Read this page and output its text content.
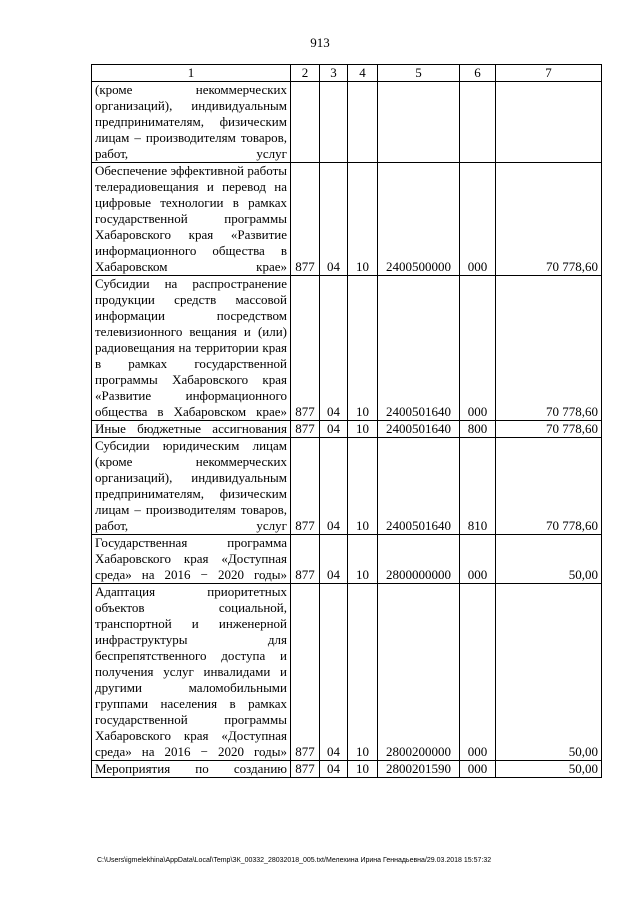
913
1	2	3	4	5	6	7
(кроме некоммерческих организаций), индивидуальным предпринимателям, физическим лицам – производителям товаров, работ, услуг						
Обеспечение эффективной работы телерадиовещания и перевод на цифровые технологии в рамках государственной программы Хабаровского края «Развитие информационного общества в Хабаровском крае»	877	04	10	2400500000	000	70 778,60
Субсидии на распространение продукции средств массовой информации посредством телевизионного вещания и (или) радиовещания на территории края в рамках государственной программы Хабаровского края «Развитие информационного общества в Хабаровском крае»	877	04	10	2400501640	000	70 778,60
Иные бюджетные ассигнования	877	04	10	2400501640	800	70 778,60
Субсидии юридическим лицам (кроме некоммерческих организаций), индивидуальным предпринимателям, физическим лицам – производителям товаров, работ, услуг	877	04	10	2400501640	810	70 778,60
Государственная программа Хабаровского края «Доступная среда» на 2016 − 2020 годы»	877	04	10	2800000000	000	50,00
Адаптация приоритетных объектов социальной, транспортной и инженерной инфраструктуры для беспрепятственного доступа и получения услуг инвалидами и другими маломобильными группами населения в рамках государственной программы Хабаровского края «Доступная среда» на 2016 − 2020 годы»	877	04	10	2800200000	000	50,00
Мероприятия по созданию	877	04	10	2800201590	000	50,00
C:\Users\igmelekhina\AppData\Local\Temp\ЗК_00332_28032018_005.txt/Мелехина Ирина Геннадьевна/29.03.2018 15:57:32
